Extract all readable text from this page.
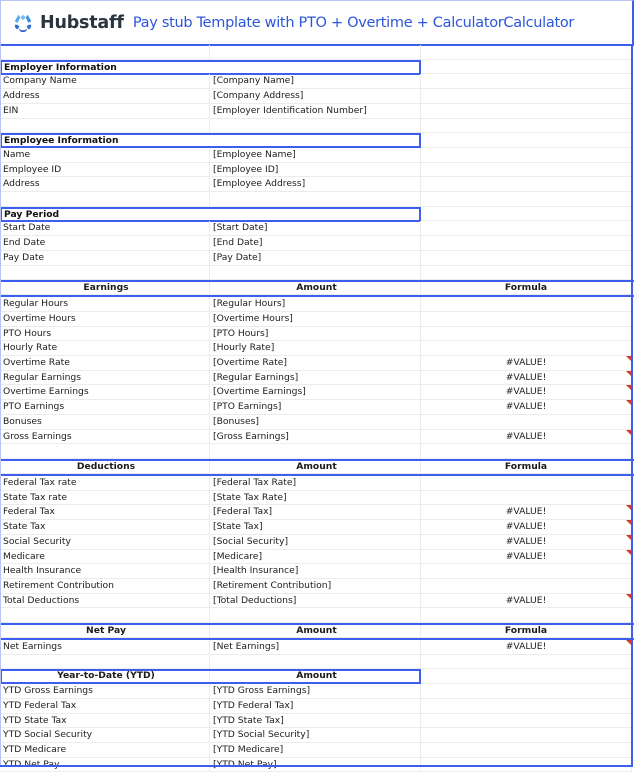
Hubstaff Pay stub Template with PTO + Overtime + CalculatorCalculator
Employer Information
Company Name	[Company Name]
Address	[Company Address]
EIN	[Employer Identification Number]
Employee Information
Name	[Employee Name]
Employee ID	[Employee ID]
Address	[Employee Address]
Pay Period
Start Date	[Start Date]
End Date	[End Date]
Pay Date	[Pay Date]
Earnings	Amount	Formula
Regular Hours	[Regular Hours]
Overtime Hours	[Overtime Hours]
PTO Hours	[PTO Hours]
Hourly Rate	[Hourly Rate]
Overtime Rate	[Overtime Rate]	#VALUE!
Regular Earnings	[Regular Earnings]	#VALUE!
Overtime Earnings	[Overtime Earnings]	#VALUE!
PTO Earnings	[PTO Earnings]	#VALUE!
Bonuses	[Bonuses]
Gross Earnings	[Gross Earnings]	#VALUE!
Deductions	Amount	Formula
Federal Tax rate	[Federal Tax Rate]
State Tax rate	[State Tax Rate]
Federal Tax	[Federal Tax]	#VALUE!
State Tax	[State Tax]	#VALUE!
Social Security	[Social Security]	#VALUE!
Medicare	[Medicare]	#VALUE!
Health Insurance	[Health Insurance]
Retirement Contribution	[Retirement Contribution]
Total Deductions	[Total Deductions]	#VALUE!
Net Pay	Amount	Formula
Net Earnings	[Net Earnings]	#VALUE!
Year-to-Date (YTD)	Amount
YTD Gross Earnings	[YTD Gross Earnings]
YTD Federal Tax	[YTD Federal Tax]
YTD State Tax	[YTD State Tax]
YTD Social Security	[YTD Social Security]
YTD Medicare	[YTD Medicare]
